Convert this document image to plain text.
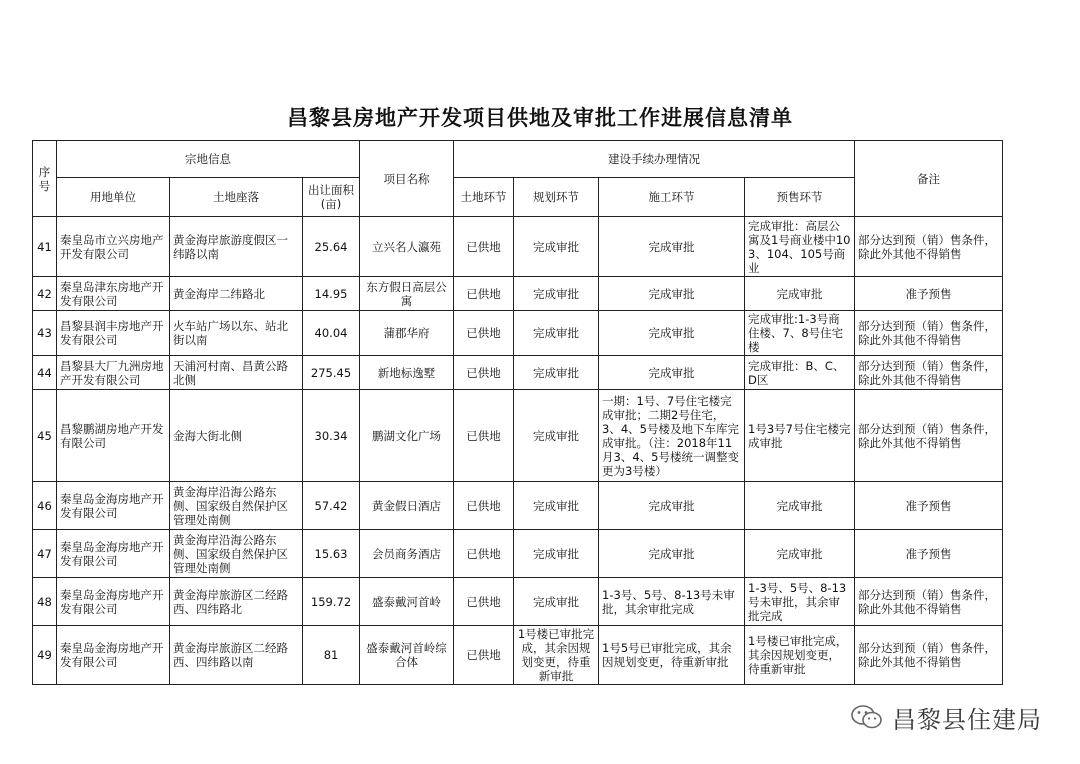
昌黎县房地产开发项目供地及审批工作进展信息清单
序号	宗地信息			项目名称	建设手续办理情况				备注
	用地单位	土地座落	出让面积(亩)		土地环节	规划环节	施工环节	预售环节	
41	秦皇岛市立兴房地产开发有限公司	黄金海岸旅游度假区一纬路以南	25.64	立兴名人瀛苑	已供地	完成审批	完成审批	完成审批：高层公寓及1号商业楼中103、104、105号商业	部分达到预（销）售条件，除此外其他不得销售
42	秦皇岛津东房地产开发有限公司	黄金海岸二纬路北	14.95	东方假日高层公寓	已供地	完成审批	完成审批	完成审批	准予预售
43	昌黎县润丰房地产开发有限公司	火车站广场以东、站北街以南	40.04	蒲郡华府	已供地	完成审批	完成审批	完成审批:1-3号商住楼、7、8号住宅楼	部分达到预（销）售条件，除此外其他不得销售
44	昌黎县大厂九洲房地产开发有限公司	天浦河村南、昌黄公路北侧	275.45	新地标逸墅	已供地	完成审批	完成审批	完成审批：B、C、D区	部分达到预（销）售条件，除此外其他不得销售
45	昌黎鹏湖房地产开发有限公司	金海大街北侧	30.34	鹏湖文化广场	已供地	完成审批	一期：1号、7号住宅楼完成审批；二期2号住宅，3、4、5号楼及地下车库完成审批。（注：2018年11月3、4、5号楼统一调整变更为3号楼）	1号3号7号住宅楼完成审批	部分达到预（销）售条件，除此外其他不得销售
46	秦皇岛金海房地产开发有限公司	黄金海岸沿海公路东侧、国家级自然保护区管理处南侧	57.42	黄金假日酒店	已供地	完成审批	完成审批	完成审批	准予预售
47	秦皇岛金海房地产开发有限公司	黄金海岸沿海公路东侧、国家级自然保护区管理处南侧	15.63	会员商务酒店	已供地	完成审批	完成审批	完成审批	准予预售
48	秦皇岛金海房地产开发有限公司	黄金海岸旅游区二经路西、四纬路北	159.72	盛泰戴河首岭	已供地	完成审批	1-3号、5号、8-13号未审批，其余审批完成	1-3号、5号、8-13号未审批，其余审批完成	部分达到预（销）售条件，除此外其他不得销售
49	秦皇岛金海房地产开发有限公司	黄金海岸旅游区二经路西、四纬路以南	81	盛泰戴河首岭综合体	已供地	1号楼已审批完成，其余因规划变更，待重新审批	1号5号已审批完成，其余因规划变更，待重新审批	1号楼已审批完成，其余因规划变更，待重新审批	部分达到预（销）售条件，除此外其他不得销售
昌黎县住建局
